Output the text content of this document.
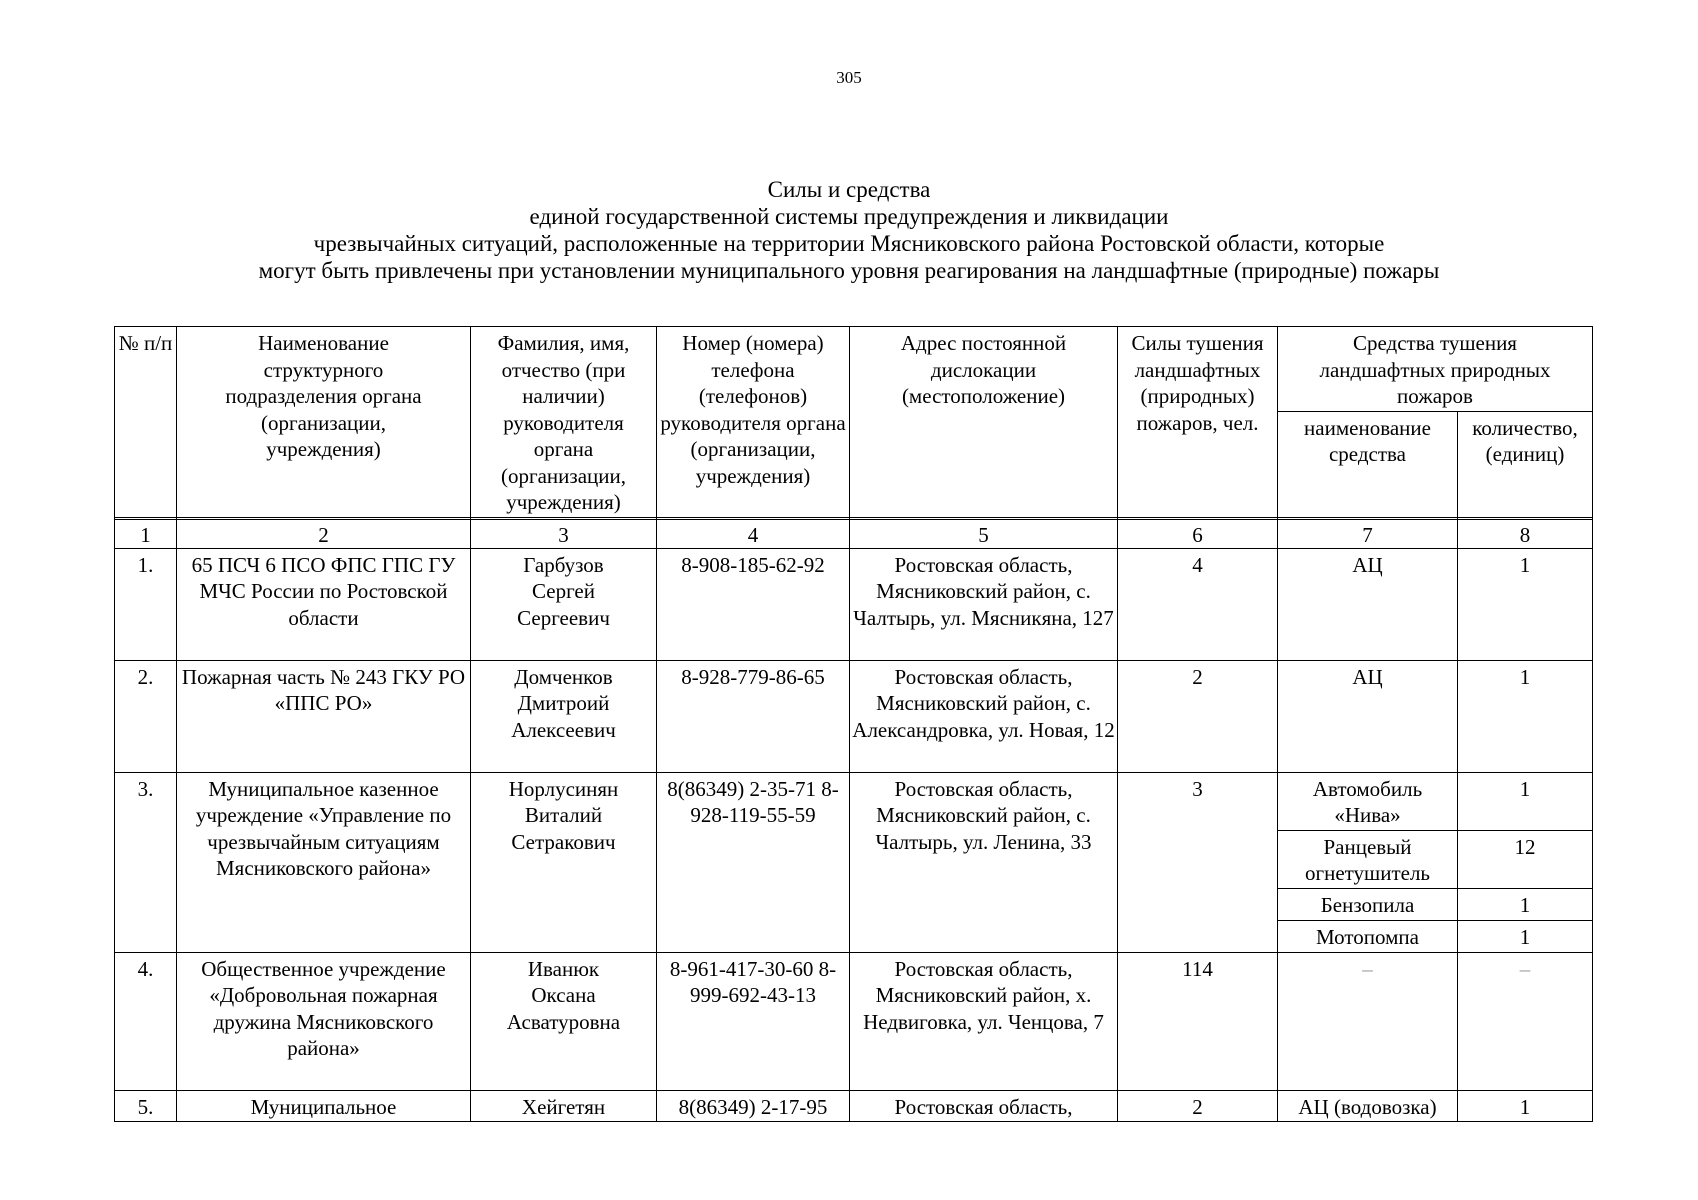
305
Силы и средства
единой государственной системы предупреждения и ликвидации
чрезвычайных ситуаций, расположенные на территории Мясниковского района Ростовской области, которые
могут быть привлечены при установлении муниципального уровня реагирования на ландшафтные (природные) пожары
№ п/п	Наименование структурного подразделения органа (организации, учреждения)	Фамилия, имя, отчество (при наличии) руководителя органа (организации, учреждения)	Номер (номера) телефона (телефонов) руководителя органа (организации, учреждения)	Адрес постоянной дислокации (местоположение)	Силы тушения ландшафтных (природных) пожаров, чел.	Средства тушения ландшафтных природных пожаров	
						наименование средства	количество, (единиц)

1	2	3	4	5	6	7	8
1.	65 ПСЧ 6 ПСО ФПС ГПС ГУ МЧС России по Ростовской области	Гарбузов Сергей Сергеевич	8-908-185-62-92	Ростовская область, Мясниковский район, с. Чалтырь, ул. Мясникяна, 127	4	АЦ	1
2.	Пожарная часть № 243 ГКУ РО «ППС РО»	Домченков Дмитроий Алексеевич	8-928-779-86-65	Ростовская область, Мясниковский район, с. Александровка, ул. Новая, 12	2	АЦ	1
3.	Муниципальное казенное учреждение «Управление по чрезвычайным ситуациям Мясниковского района»	Норлусинян Виталий Сетракович	8(86349) 2-35-71 8-928-119-55-59	Ростовская область, Мясниковский район, с. Чалтырь, ул. Ленина, 33	3	Автомобиль «Нива»	1
						Ранцевый огнетушитель	12
						Бензопила	1
						Мотопомпа	1
4.	Общественное учреждение «Добровольная пожарная дружина Мясниковского района»	Иванюк Оксана Асватуровна	8-961-417-30-60 8-999-692-43-13	Ростовская область, Мясниковский район, х. Недвиговка, ул. Ченцова, 7	114	–	–
5.	Муниципальное	Хейгетян	8(86349) 2-17-95	Ростовская область,	2	АЦ (водовозка)	1
